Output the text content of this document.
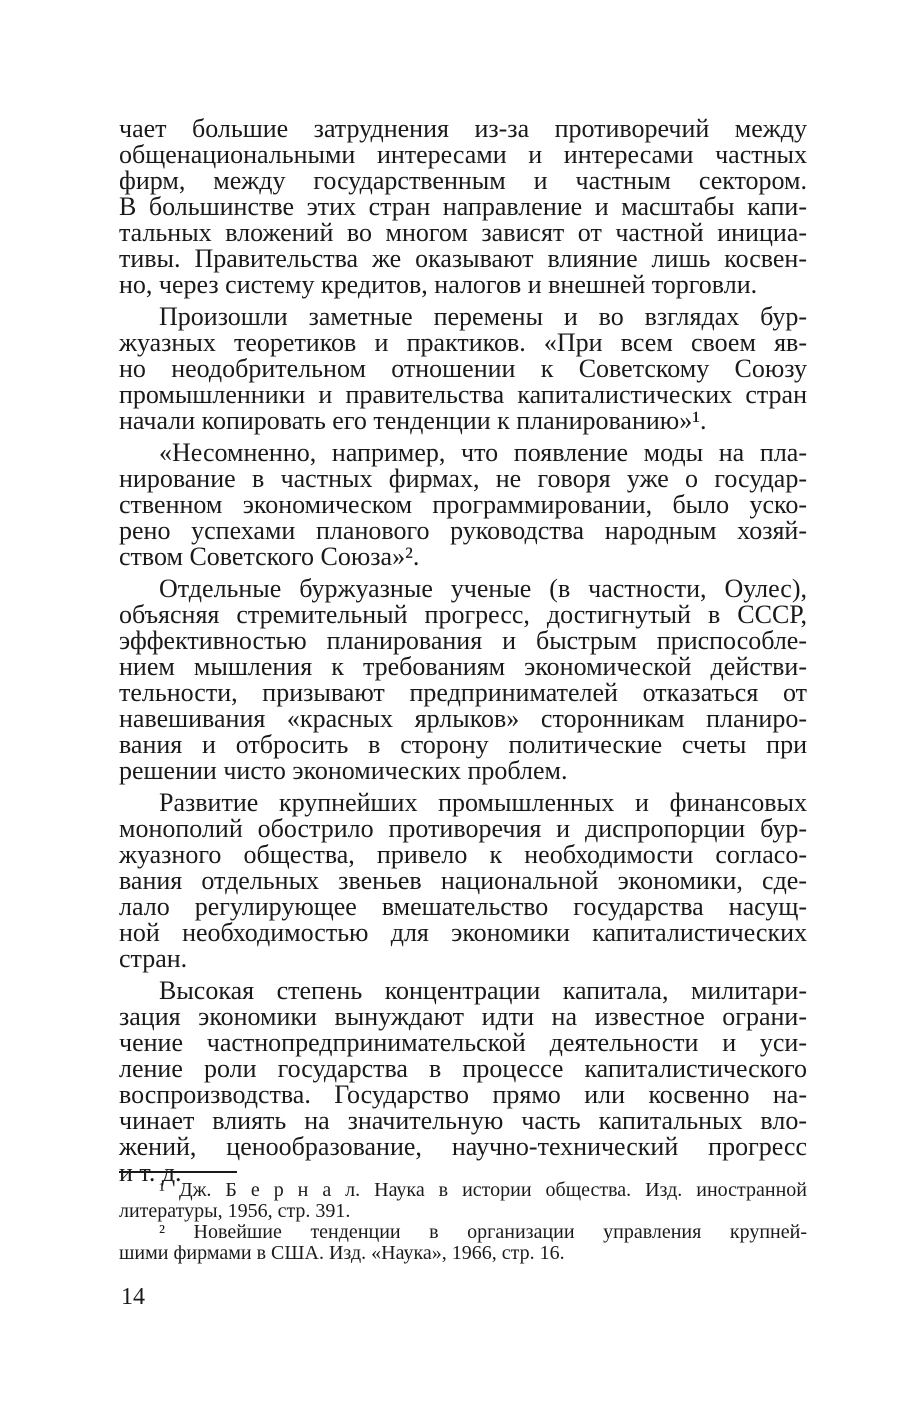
чает большие затруднения из-за противоречий между
общенациональными интересами и интересами частных
фирм, между государственным и частным сектором.
В большинстве этих стран направление и масштабы капи-
тальных вложений во многом зависят от частной инициа-
тивы. Правительства же оказывают влияние лишь косвен-
но, через систему кредитов, налогов и внешней торговли.
Произошли заметные перемены и во взглядах бур-
жуазных теоретиков и практиков. «При всем своем яв-
но неодобрительном отношении к Советскому Союзу
промышленники и правительства капиталистических стран
начали копировать его тенденции к планированию»¹.
«Несомненно, например, что появление моды на пла-
нирование в частных фирмах, не говоря уже о государ-
ственном экономическом программировании, было уско-
рено успехами планового руководства народным хозяй-
ством Советского Союза»².
Отдельные буржуазные ученые (в частности, Оулес),
объясняя стремительный прогресс, достигнутый в СССР,
эффективностью планирования и быстрым приспособле-
нием мышления к требованиям экономической действи-
тельности, призывают предпринимателей отказаться от
навешивания «красных ярлыков» сторонникам планиро-
вания и отбросить в сторону политические счеты при
решении чисто экономических проблем.
Развитие крупнейших промышленных и финансовых
монополий обострило противоречия и диспропорции бур-
жуазного общества, привело к необходимости согласо-
вания отдельных звеньев национальной экономики, сде-
лало регулирующее вмешательство государства насущ-
ной необходимостью для экономики капиталистических
стран.
Высокая степень концентрации капитала, милитари-
зация экономики вынуждают идти на известное ограни-
чение частнопредпринимательской деятельности и уси-
ление роли государства в процессе капиталистического
воспроизводства. Государство прямо или косвенно на-
чинает влиять на значительную часть капитальных вло-
жений, ценообразование, научно-технический прогресс
и т. д.
¹ Дж. Б е р н а л. Наука в истории общества. Изд. иностранной
литературы, 1956, стр. 391.
² Новейшие тенденции в организации управления крупней-
шими фирмами в США. Изд. «Наука», 1966, стр. 16.
14
